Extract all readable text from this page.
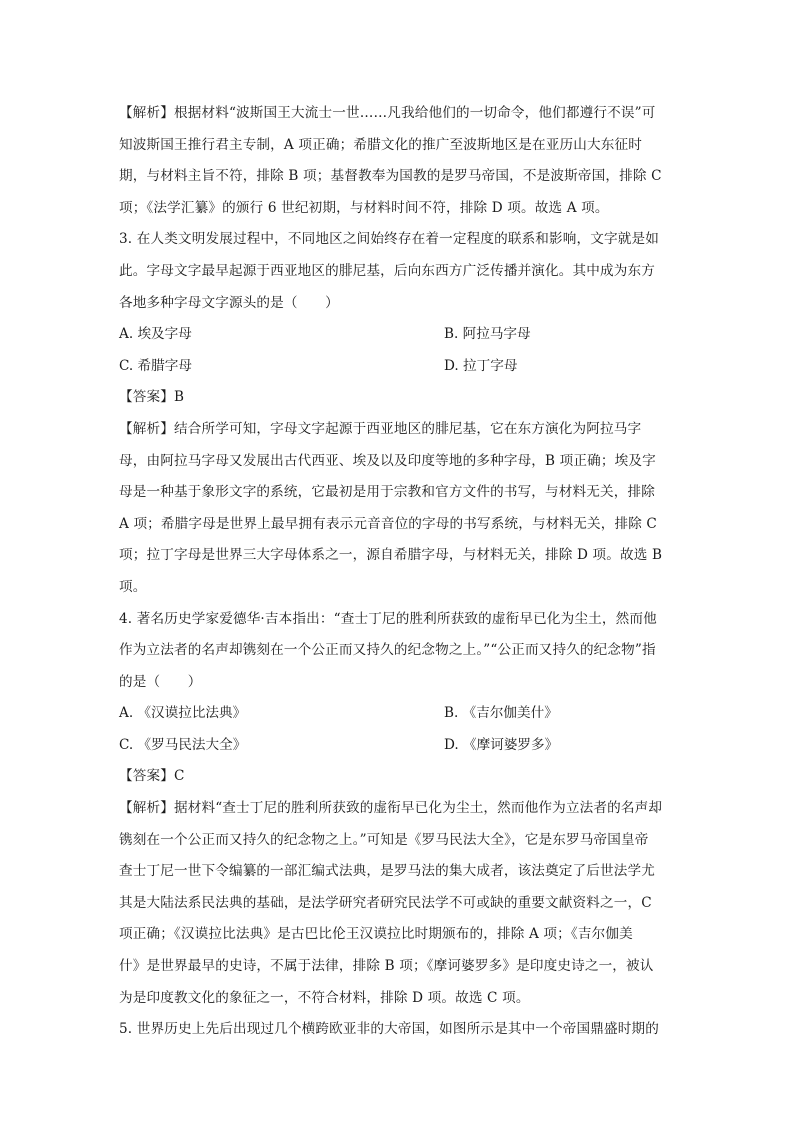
【解析】根据材料“波斯国王大流士一世……凡我给他们的一切命令，他们都遵行不误”可
知波斯国王推行君主专制，A 项正确；希腊文化的推广至波斯地区是在亚历山大东征时
期，与材料主旨不符，排除 B 项；基督教奉为国教的是罗马帝国，不是波斯帝国，排除 C
项；《法学汇纂》的颁行 6 世纪初期，与材料时间不符，排除 D 项。故选 A 项。
3. 在人类文明发展过程中，不同地区之间始终存在着一定程度的联系和影响，文字就是如
此。字母文字最早起源于西亚地区的腓尼基，后向东西方广泛传播并演化。其中成为东方
各地多种字母文字源头的是（　　）
A. 埃及字母	B. 阿拉马字母
C. 希腊字母	D. 拉丁字母
【答案】B
【解析】结合所学可知，字母文字起源于西亚地区的腓尼基，它在东方演化为阿拉马字
母，由阿拉马字母又发展出古代西亚、埃及以及印度等地的多种字母，B 项正确；埃及字
母是一种基于象形文字的系统，它最初是用于宗教和官方文件的书写，与材料无关，排除
A 项；希腊字母是世界上最早拥有表示元音音位的字母的书写系统，与材料无关，排除 C
项；拉丁字母是世界三大字母体系之一，源自希腊字母，与材料无关，排除 D 项。故选 B
项。
4. 著名历史学家爱德华·吉本指出：“查士丁尼的胜利所获致的虚衔早已化为尘土，然而他
作为立法者的名声却镌刻在一个公正而又持久的纪念物之上。”“公正而又持久的纪念物”指
的是（　　）
A. 《汉谟拉比法典》	B. 《吉尔伽美什》
C. 《罗马民法大全》	D. 《摩诃婆罗多》
【答案】C
【解析】据材料“查士丁尼的胜利所获致的虚衔早已化为尘土，然而他作为立法者的名声却
镌刻在一个公正而又持久的纪念物之上。”可知是《罗马民法大全》，它是东罗马帝国皇帝
查士丁尼一世下令编纂的一部汇编式法典，是罗马法的集大成者，该法奠定了后世法学尤
其是大陆法系民法典的基础，是法学研究者研究民法学不可或缺的重要文献资料之一，C
项正确；《汉谟拉比法典》是古巴比伦王汉谟拉比时期颁布的，排除 A 项；《吉尔伽美
什》是世界最早的史诗，不属于法律，排除 B 项；《摩诃婆罗多》是印度史诗之一，被认
为是印度教文化的象征之一，不符合材料，排除 D 项。故选 C 项。
5. 世界历史上先后出现过几个横跨欧亚非的大帝国，如图所示是其中一个帝国鼎盛时期的
